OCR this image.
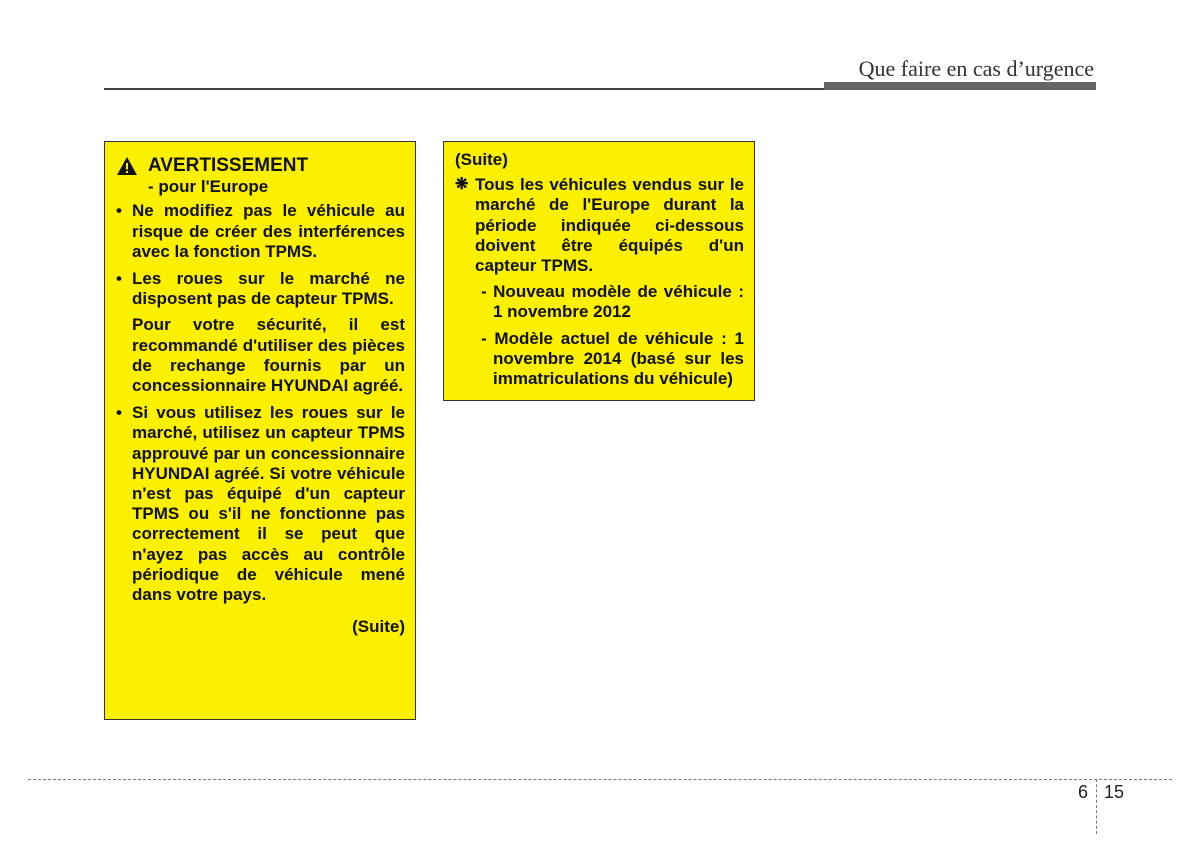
Que faire en cas d’urgence
AVERTISSEMENT
- pour l'Europe
• Ne modifiez pas le véhicule au risque de créer des interférences avec la fonction TPMS.
• Les roues sur le marché ne disposent pas de capteur TPMS.
Pour votre sécurité, il est recommandé d'utiliser des pièces de rechange fournis par un concessionnaire HYUNDAI agréé.
• Si vous utilisez les roues sur le marché, utilisez un capteur TPMS approuvé par un concessionnaire HYUNDAI agréé. Si votre véhicule n'est pas équipé d'un capteur TPMS ou s'il ne fonctionne pas correctement il se peut que n'ayez pas accès au contrôle périodique de véhicule mené dans votre pays.
(Suite)
(Suite)
❋ Tous les véhicules vendus sur le marché de l'Europe durant la période indiquée ci-dessous doivent être équipés d'un capteur TPMS.
- Nouveau modèle de véhicule : 1 novembre 2012
- Modèle actuel de véhicule : 1 novembre 2014 (basé sur les immatriculations du véhicule)
6 15
